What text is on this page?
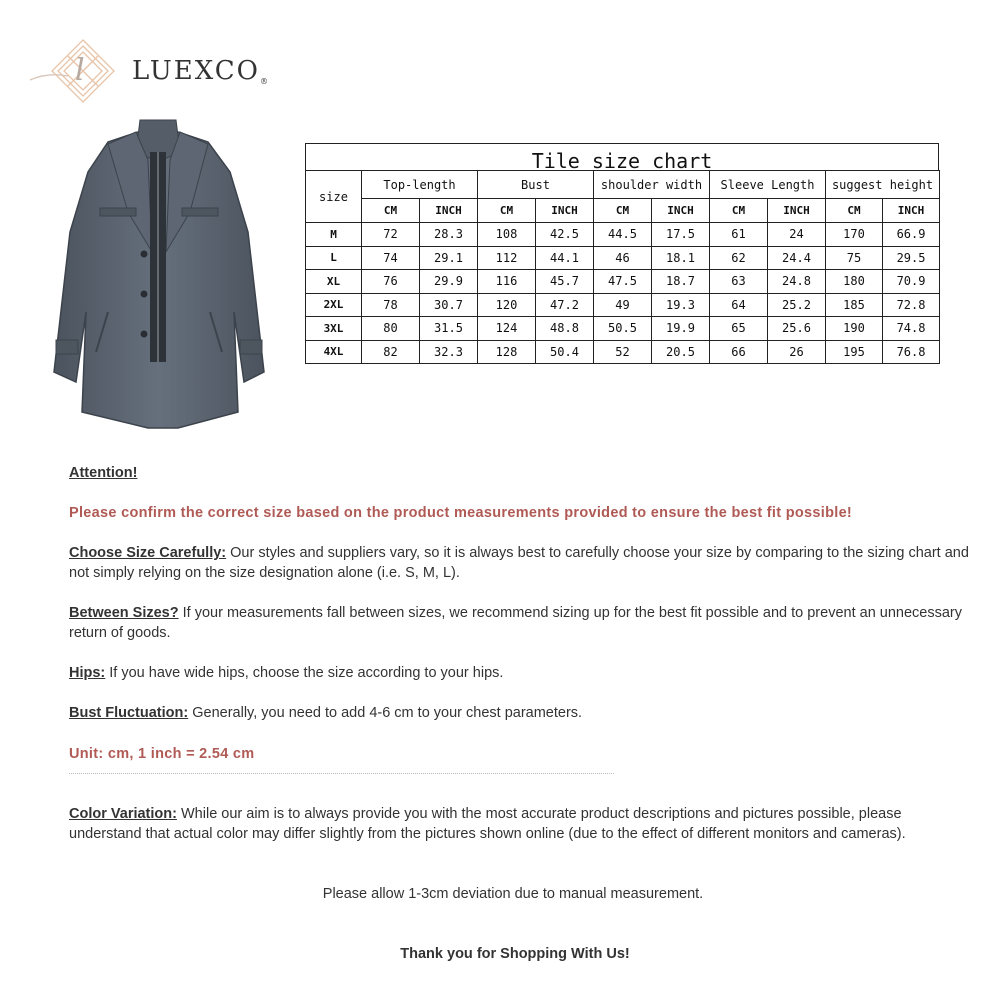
l LUEXCO®
Tile size chart
size	Top-length		Bust		shoulder width		Sleeve Length		suggest height	
	CM	INCH	CM	INCH	CM	INCH	CM	INCH	CM	INCH
M	72	28.3	108	42.5	44.5	17.5	61	24	170	66.9
L	74	29.1	112	44.1	46	18.1	62	24.4	75	29.5
XL	76	29.9	116	45.7	47.5	18.7	63	24.8	180	70.9
2XL	78	30.7	120	47.2	49	19.3	64	25.2	185	72.8
3XL	80	31.5	124	48.8	50.5	19.9	65	25.6	190	74.8
4XL	82	32.3	128	50.4	52	20.5	66	26	195	76.8
Attention!
Please confirm the correct size based on the product measurements provided to ensure the best fit possible!
Choose Size Carefully: Our styles and suppliers vary, so it is always best to carefully choose your size by comparing to the sizing chart and not simply relying on the size designation alone (i.e. S, M, L).
Between Sizes? If your measurements fall between sizes, we recommend sizing up for the best fit possible and to prevent an unnecessary return of goods.
Hips: If you have wide hips, choose the size according to your hips.
Bust Fluctuation: Generally, you need to add 4-6 cm to your chest parameters.
Unit: cm, 1 inch = 2.54 cm
Color Variation: While our aim is to always provide you with the most accurate product descriptions and pictures possible, please understand that actual color may differ slightly from the pictures shown online (due to the effect of different monitors and cameras).
Please allow 1-3cm deviation due to manual measurement.
Thank you for Shopping With Us!
